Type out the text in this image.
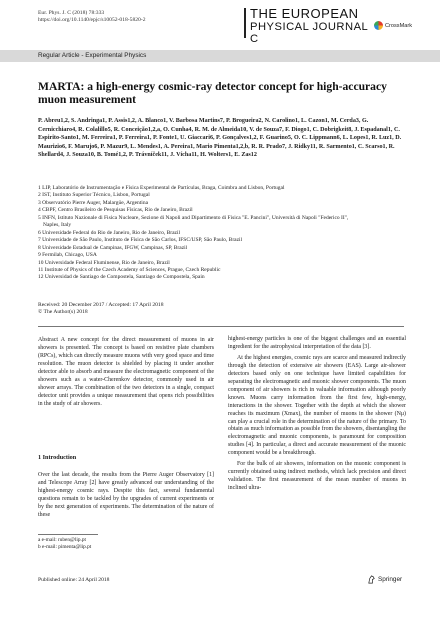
Eur. Phys. J. C (2018) 78:333
https://doi.org/10.1140/epjc/s10052-018-5820-2	THE EUROPEAN
PHYSICAL JOURNAL C
CrossMark
Regular Article - Experimental Physics
MARTA: a high-energy cosmic-ray detector concept for high-accuracy muon measurement
P. Abreu1,2, S. Andringa1, P. Assis1,2, A. Blanco1, V. Barbosa Martins7, P. Brogueira2, N. Carolino1, L. Cazon1, M. Cerda3, G. Cernicchiaro4, R. Colalillo5, R. Conceição1,2,a, O. Cunha4, R. M. de Almeida10, V. de Souza7, F. Diogo1, C. Dobrigkeit8, J. Espadanal1, C. Espirito-Santo1, M. Ferreira1, P. Ferreira1, P. Fonte1, U. Giaccari6, P. Gonçalves1,2, F. Guarino5, O. C. Lippmann6, L. Lopes1, R. Luz1, D. Maurizio6, F. Marujo6, P. Mazur9, L. Mendes1, A. Pereira1, Mario Pimenta1,2,b, R. R. Prado7, J. Ridky11, R. Sarmento1, C. Scarso1, R. Shellard4, J. Souza10, B. Tomé1,2, P. Trávníček11, J. Vícha11, H. Wolters1, E. Zas12
1 LIP, Laboratório de Instrumentação e Física Experimental de Partículas, Braga, Coimbra and Lisbon, Portugal
2 IST, Instituto Superior Técnico, Lisbon, Portugal
3 Observatório Pierre Auger, Malargüe, Argentina
4 CBPF, Centro Brasileiro de Pesquisas Físicas, Rio de Janeiro, Brazil
5 INFN, Istituto Nazionale di Fisica Nucleare, Sezione di Napoli and Dipartimento di Fisica "E. Pancini", Università di Napoli "Federico II",
Naples, Italy
6 Universidade Federal do Rio de Janeiro, Rio de Janeiro, Brazil
7 Universidade de São Paulo, Instituto de Física de São Carlos, IFSC/USP, São Paulo, Brazil
8 Universidade Estadual de Campinas, IFGW, Campinas, SP, Brazil
9 Fermilab, Chicago, USA
10 Universidade Federal Fluminense, Rio de Janeiro, Brazil
11 Institute of Physics of the Czech Academy of Sciences, Prague, Czech Republic
12 Universidad de Santiago de Compostela, Santiago de Compostela, Spain
Received: 20 December 2017 / Accepted: 17 April 2018
© The Author(s) 2018
Abstract A new concept for the direct measurement of muons in air showers is presented. The concept is based on resistive plate chambers (RPCs), which can directly measure muons with very good space and time resolution. The muon detector is shielded by placing it under another detector able to absorb and measure the electromagnetic component of the showers such as a water-Cherenkov detector, commonly used in air shower arrays. The combination of the two detectors in a single, compact detector unit provides a unique measurement that opens rich possibilities in the study of air showers.
1 Introduction
Over the last decade, the results from the Pierre Auger Observatory [1] and Telescope Array [2] have greatly advanced our understanding of the highest-energy cosmic rays. Despite this fact, several fundamental questions remain to be tackled by the upgrades of current experiments or by the next generation of experiments. The determination of the nature of these
a e-mail: ruben@lip.pt
b e-mail: pimenta@lip.pt

highest-energy particles is one of the biggest challenges and an essential ingredient for the astrophysical interpretation of the data [3].

At the highest energies, cosmic rays are scarce and measured indirectly through the detection of extensive air showers (EAS). Large air-shower detectors based only on one technique have limited capabilities for separating the electromagnetic and muonic shower components. The muon component of air showers is rich in valuable information although poorly known. Muons carry information from the first few, high-energy, interactions in the shower. Together with the depth at which the shower reaches its maximum (Xmax), the number of muons in the shower (Nμ) can play a crucial role in the determination of the nature of the primary. To obtain as much information as possible from the showers, disentangling the electromagnetic and muonic components, is paramount for composition studies [4]. In particular, a direct and accurate measurement of the muonic component would be a breakthrough.

For the bulk of air showers, information on the muonic component is currently obtained using indirect methods, which lack precision and direct validation. The first measurement of the mean number of muons in inclined ultra-

Published online: 24 April 2018	Springer
